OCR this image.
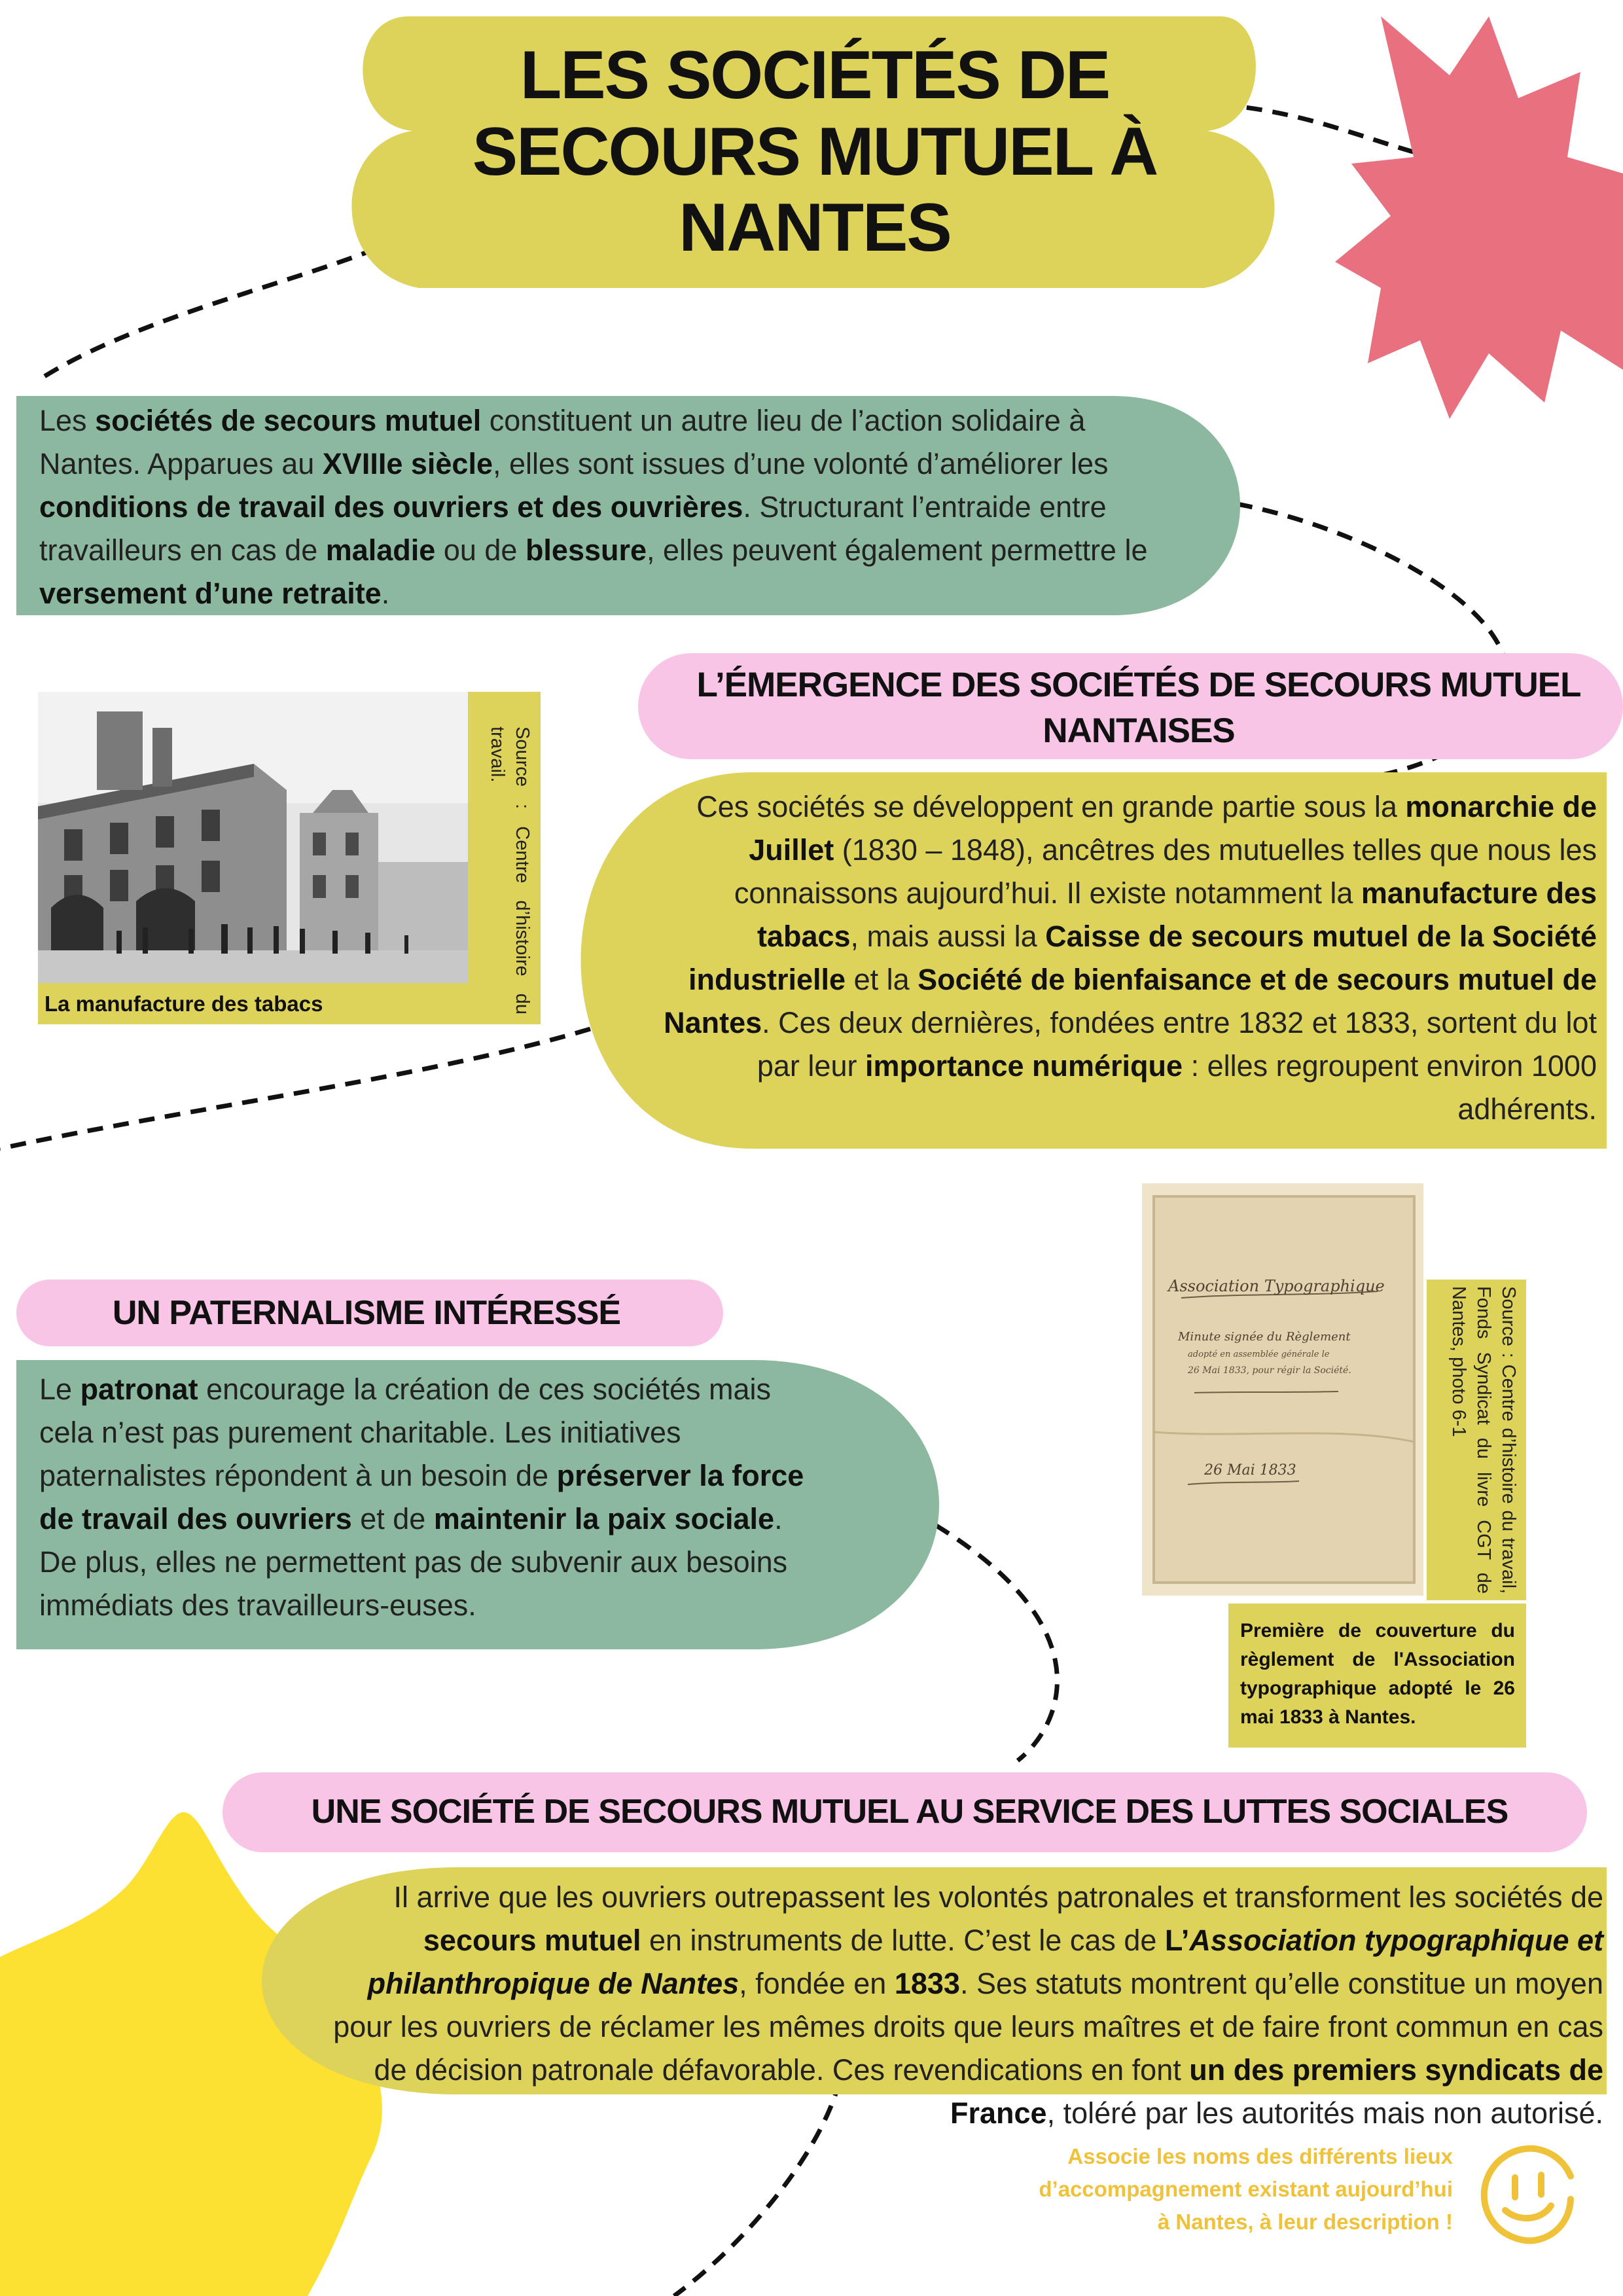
LES SOCIÉTÉS DE
SECOURS MUTUEL À
NANTES
Les sociétés de secours mutuel constituent un autre lieu de l’action solidaire à Nantes. Apparues au XVIIIe siècle, elles sont issues d’une volonté d’améliorer les conditions de travail des ouvriers et des ouvrières. Structurant l’entraide entre travailleurs en cas de maladie ou de blessure, elles peuvent également permettre le versement d’une retraite.
L’ÉMERGENCE DES SOCIÉTÉS DE SECOURS MUTUEL
NANTAISES
La manufacture des tabacs	Source : Centre d’histoire du travail.
Ces sociétés se développent en grande partie sous la monarchie de Juillet (1830 – 1848), ancêtres des mutuelles telles que nous les connaissons aujourd’hui. Il existe notamment la manufacture des tabacs, mais aussi la Caisse de secours mutuel de la Société industrielle et la Société de bienfaisance et de secours mutuel de Nantes. Ces deux dernières, fondées entre 1832 et 1833, sortent du lot par leur importance numérique : elles regroupent environ 1000 adhérents.
UN PATERNALISME INTÉRESSÉ
Le patronat encourage la création de ces sociétés mais cela n’est pas purement charitable. Les initiatives paternalistes répondent à un besoin de préserver la force de travail des ouvriers et de maintenir la paix sociale. De plus, elles ne permettent pas de subvenir aux besoins immédiats des travailleurs-euses.
Association Typographique
Minute signée du Règlement
adopté en assemblée générale le
26 Mai 1833, pour régir la Société.
26 Mai 1833	Source : Centre d’histoire du travail, Fonds Syndicat du livre CGT de Nantes, photo 6-1
Première de couverture du règlement de l'Association typographique adopté le 26 mai 1833 à Nantes.
UNE SOCIÉTÉ DE SECOURS MUTUEL AU SERVICE DES LUTTES SOCIALES
Il arrive que les ouvriers outrepassent les volontés patronales et transforment les sociétés de secours mutuel en instruments de lutte. C’est le cas de L’Association typographique et philanthropique de Nantes, fondée en 1833. Ses statuts montrent qu’elle constitue un moyen pour les ouvriers de réclamer les mêmes droits que leurs maîtres et de faire front commun en cas de décision patronale défavorable. Ces revendications en font un des premiers syndicats de France, toléré par les autorités mais non autorisé.
Associe les noms des différents lieux
d’accompagnement existant aujourd’hui
à Nantes, à leur description !
